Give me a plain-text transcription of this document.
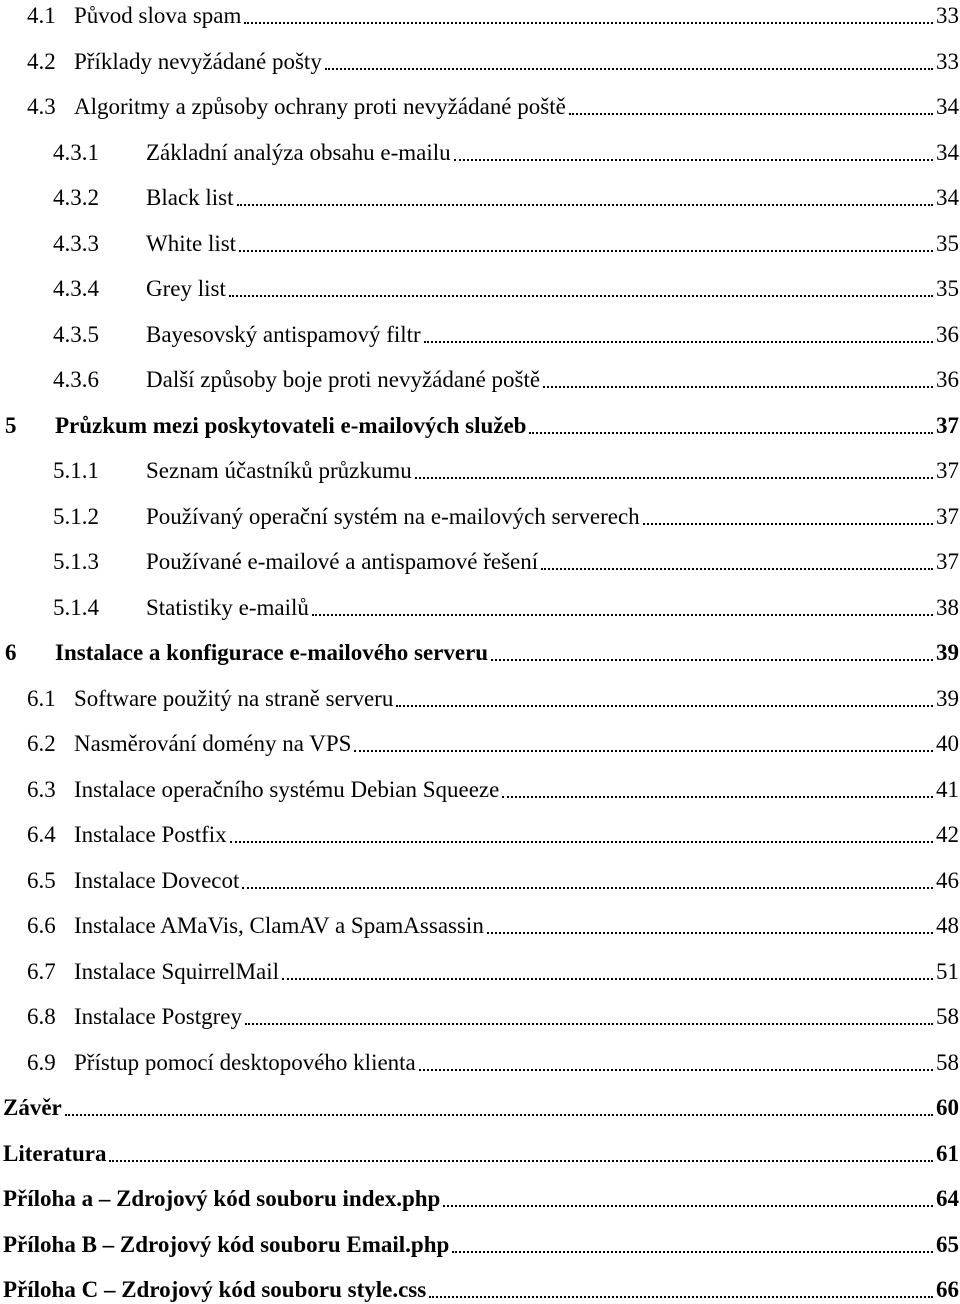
4.1 Původ slova spam	33
4.2 Příklady nevyžádané pošty	33
4.3 Algoritmy a způsoby ochrany proti nevyžádané poště	34
4.3.1	Základní analýza obsahu e-mailu	34
4.3.2	Black list	34
4.3.3	White list	35
4.3.4	Grey list	35
4.3.5	Bayesovský antispamový filtr	36
4.3.6	Další způsoby boje proti nevyžádané poště	36
5	Průzkum mezi poskytovateli e-mailových služeb	37
5.1.1	Seznam účastníků průzkumu	37
5.1.2	Používaný operační systém na e-mailových serverech	37
5.1.3	Používané e-mailové a antispamové řešení	37
5.1.4	Statistiky e-mailů	38
6	Instalace a konfigurace e-mailového serveru	39
6.1 Software použitý na straně serveru	39
6.2 Nasměrování domény na VPS	40
6.3 Instalace operačního systému Debian Squeeze	41
6.4 Instalace Postfix	42
6.5 Instalace Dovecot	46
6.6 Instalace AMaVis, ClamAV a SpamAssassin	48
6.7 Instalace SquirrelMail	51
6.8 Instalace Postgrey	58
6.9 Přístup pomocí desktopového klienta	58
Závěr	60
Literatura	61
Příloha a – Zdrojový kód souboru index.php	64
Příloha B – Zdrojový kód souboru Email.php	65
Příloha C – Zdrojový kód souboru style.css	66
